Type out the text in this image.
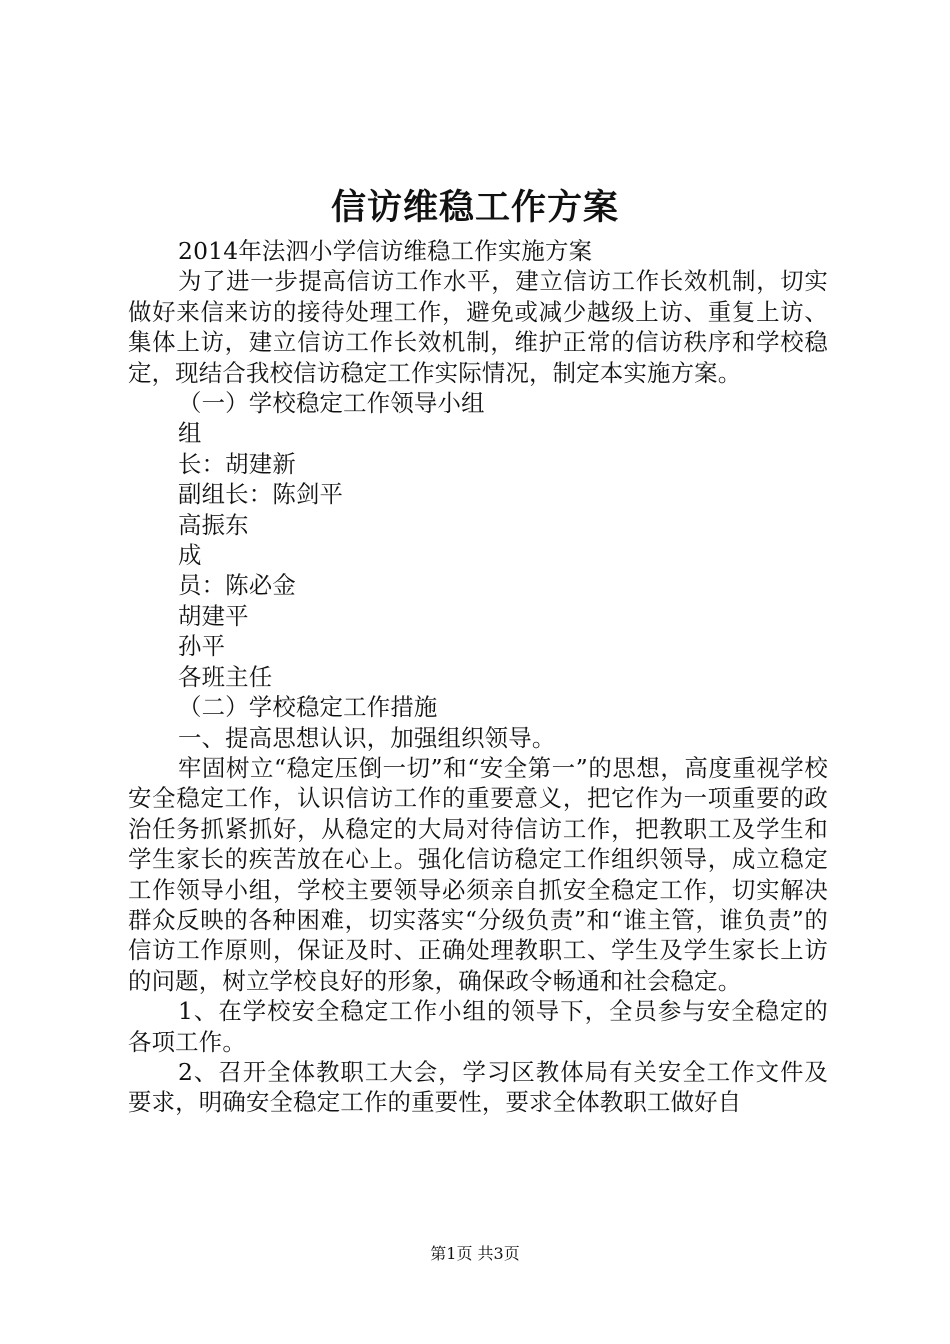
信访维稳工作方案

2014年法泗小学信访维稳工作实施方案

为了进一步提高信访工作水平，建立信访工作长效机制，切实做好来信来访的接待处理工作，避免或减少越级上访、重复上访、集体上访，建立信访工作长效机制，维护正常的信访秩序和学校稳定，现结合我校信访稳定工作实际情况，制定本实施方案。

（一）学校稳定工作领导小组

组

长：胡建新

副组长：陈剑平

高振东

成

员：陈必金

胡建平

孙平

各班主任

（二）学校稳定工作措施

一、提高思想认识，加强组织领导。

牢固树立“稳定压倒一切”和“安全第一”的思想，高度重视学校安全稳定工作，认识信访工作的重要意义，把它作为一项重要的政治任务抓紧抓好，从稳定的大局对待信访工作，把教职工及学生和学生家长的疾苦放在心上。强化信访稳定工作组织领导，成立稳定工作领导小组，学校主要领导必须亲自抓安全稳定工作，切实解决群众反映的各种困难，切实落实“分级负责”和“谁主管，谁负责”的信访工作原则，保证及时、正确处理教职工、学生及学生家长上访的问题，树立学校良好的形象，确保政令畅通和社会稳定。

1、在学校安全稳定工作小组的领导下，全员参与安全稳定的各项工作。

2、召开全体教职工大会，学习区教体局有关安全工作文件及要求，明确安全稳定工作的重要性，要求全体教职工做好自

第1页 共3页
